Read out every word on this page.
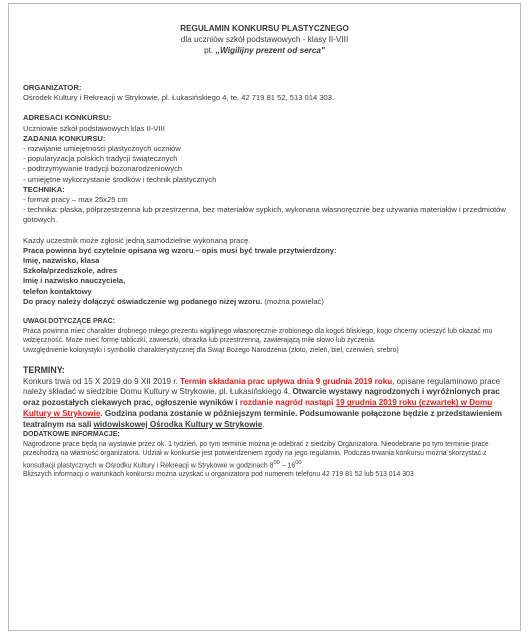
REGULAMIN KONKURSU PLASTYCZNEGO
dla uczniów szkół podstawowych - klasy II-VIII
pt. ,,Wigilijny prezent od serca"
ORGANIZATOR:
Ośrodek Kultury i Rekreacji w Strykowie, pl. Łukasińskiego 4, te. 42 719 81 52, 513 014 303.
ADRESACI KONKURSU:
Uczniowie szkół podstawowych klas II-VIII
ZADANIA KONKURSU:
- rozwijanie umiejętności plastycznych uczniów
- popularyzacja polskich tradycji świątecznych
- podtrzymywanie tradycji bożonarodzeniowych
- umiejętne wykorzystanie środków i technik plastycznych
TECHNIKA:
- format pracy – max 25x25 cm
- technika: płaska, półprzestrzenna lub przestrzenna, bez materiałów sypkich, wykonana własnoręcznie bez używania materiałów i przedmiotów gotowych.
Każdy uczestnik może zgłosić jedną samodzielnie wykonaną pracę.
Praca powinna być czytelnie opisana wg wzoru – opis musi być trwale przytwierdzony:
Imię, nazwisko, klasa
Szkoła/przedszkole, adres
Imię i nazwisko nauczyciela,
telefon kontaktowy
Do pracy należy dołączyć oświadczenie wg podanego niżej wzoru. (można powielać)
UWAGI DOTYCZĄCE PRAC:
Praca powinna mieć charakter drobnego miłego prezentu wigilijnego własnoręcznie zrobionego dla kogoś bliskiego, kogo chcemy ucieszyć lub okazać mu wdzięczność. Może mieć formę tabliczki, zawieszki, obrazka lub przestrzenną, zawierającą miłe słowo lub życzenia.
Uwzględnienie kolorystyki i symboliki charakterystycznej dla Świąt Bożego Narodzenia (złoto, zieleń, biel, czerwień, srebro)
TERMINY:
Konkurs trwa od 15 X 2019 do 9 XII 2019 r. Termin składania prac upływa dnia 9 grudnia 2019 roku, opisane regulaminowo prace należy składać w siedzibie Domu Kultury w Strykowie, pl. Łukasińskiego 4. Otwarcie wystawy nagrodzonych i wyróżnionych prac oraz pozostałych ciekawych prac, ogłoszenie wyników i rozdanie nagród nastąpi 19 grudnia 2019 roku (czwartek) w Domu Kultury w Strykowie. Godzina podana zostanie w późniejszym terminie. Podsumowanie połączone będzie z przedstawieniem teatralnym na sali widowiskowej Ośrodka Kultury w Strykowie.
DODATKOWE INFORMACJE:
Nagrodzone prace będą na wystawie przez ok. 1 tydzień, po tym terminie można je odebrać z siedziby Organizatora. Nieodebrane po tym terminie prace przechodzą na własność organizatora. Udział w konkursie jest potwierdzeniem zgody na jego regulamin. Podczas trwania konkursu można skorzystać z konsultacji plastycznych w Ośrodku Kultury i Rekreacji w Strykowie w godzinach $8^{00} - 16^{00}$.
Bliższych informacji o warunkach konkursu można uzyskać u organizatora pod numerem telefonu 42 719 81 52 lub 513 014 303
